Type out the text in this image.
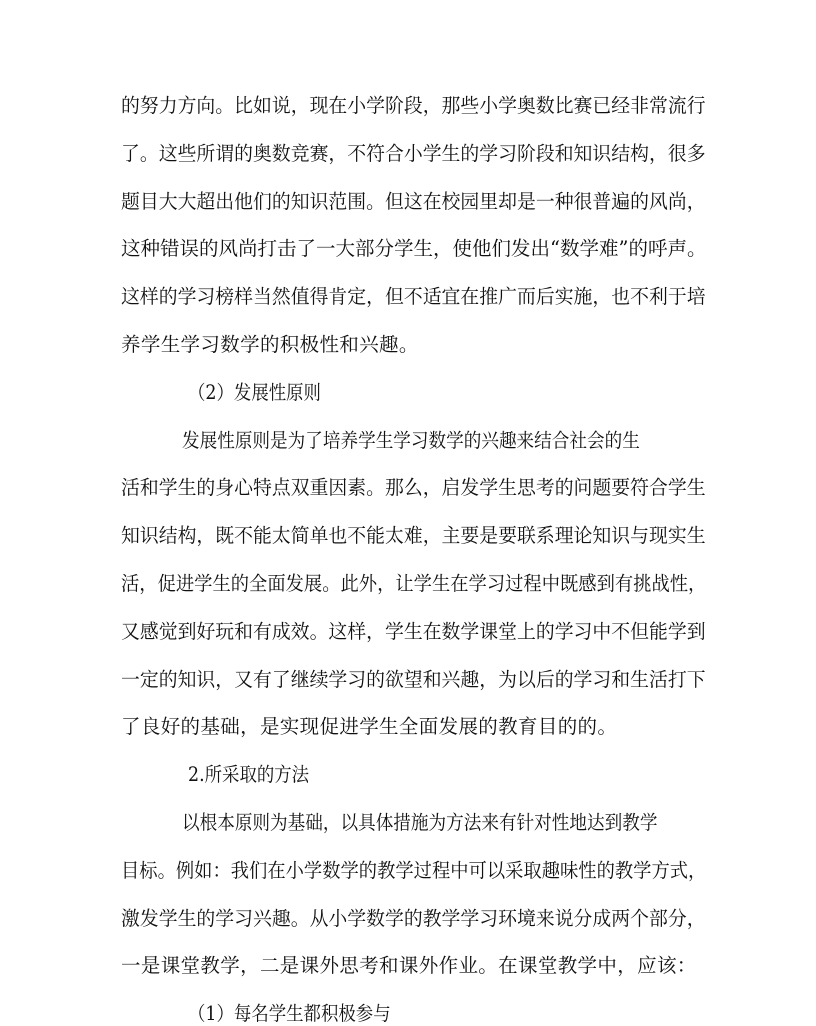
的努力方向。比如说，现在小学阶段，那些小学奥数比赛已经非常流行
了。这些所谓的奥数竞赛，不符合小学生的学习阶段和知识结构，很多
题目大大超出他们的知识范围。但这在校园里却是一种很普遍的风尚，
这种错误的风尚打击了一大部分学生，使他们发出“数学难”的呼声。
这样的学习榜样当然值得肯定，但不适宜在推广而后实施，也不利于培
养学生学习数学的积极性和兴趣。
（2）发展性原则
发展性原则是为了培养学生学习数学的兴趣来结合社会的生
活和学生的身心特点双重因素。那么，启发学生思考的问题要符合学生
知识结构，既不能太简单也不能太难，主要是要联系理论知识与现实生
活，促进学生的全面发展。此外，让学生在学习过程中既感到有挑战性，
又感觉到好玩和有成效。这样，学生在数学课堂上的学习中不但能学到
一定的知识，又有了继续学习的欲望和兴趣，为以后的学习和生活打下
了良好的基础，是实现促进学生全面发展的教育目的的。
2.所采取的方法
以根本原则为基础，以具体措施为方法来有针对性地达到教学
目标。例如：我们在小学数学的教学过程中可以采取趣味性的教学方式，
激发学生的学习兴趣。从小学数学的教学学习环境来说分成两个部分，
一是课堂教学，二是课外思考和课外作业。在课堂教学中，应该：
（1）每名学生都积极参与
